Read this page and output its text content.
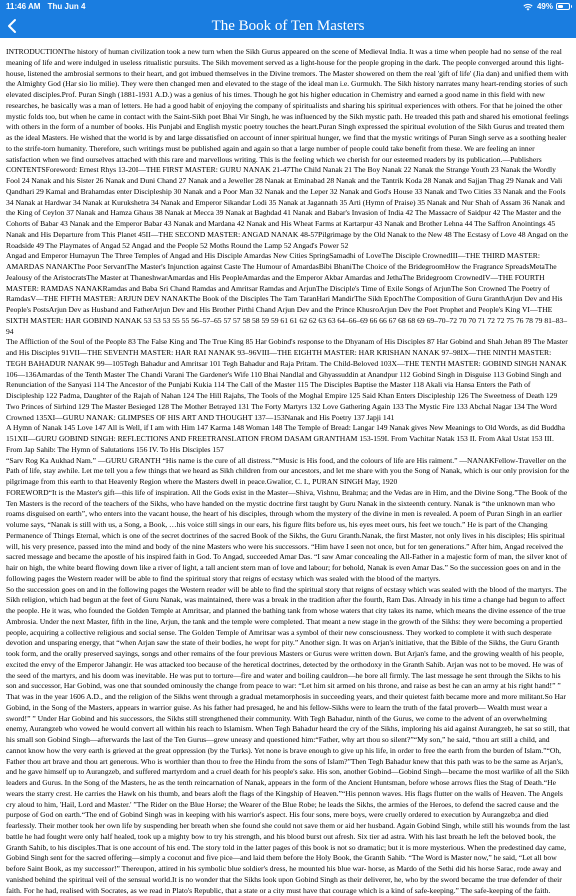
11:46 AM Thu Jun 4	49%
The Book of Ten Masters

INTRODUCTIONThe history of human civilization took a new turn when the Sikh Gurus appeared on the scene of Medieval India. It was a time when people had no sense of the real meaning of life and were indulged in useless ritualistic pursuits. The Sikh movement served as a light-house for the people groping in the dark. The people converged around this light-house, listened the ambrosial sermons to their heart, and got imbued themselves in the Divine tremors. The Master showered on them the real 'gift of life' (Jia dan) and unified them with the Almighty God (Har sio lio milie). They were then changed men and elevated to the stage of the ideal man i.e. Gurmukh. The Sikh history narrates many heart-rending stories of such elevated disciples.Prof. Puran Singh (1881-1931 A.D.) was a genius of his times. Though he got his higher education in Chemistry and earned a good name in this field with new researches, he basically was a man of letters. He had a good habit of enjoying the company of spiritualists and sharing his spiritual experiences with others. For that he joined the other mystic folds too, but when he came in contact with the Saint-Sikh poet Bhai Vir Singh, he was influenced by the Sikh mystic path. He treaded this path and shared his emotional feelings with others in the form of a number of books. His Punjabi and English mystic poetry touches the heart.Puran Singh expressed the spiritual evolution of the Sikh Gurus and treated them as the ideal Masters. He wished that the world is by and large dissatisfied on account of inner spiritual hunger, we find that the mystic writings of Puran Singh serve as a soothing healer to the strife-torn humanity. Therefore, such writings must be published again and again so that a large number of people could take benefit from these. We are feeling an inner satisfaction when we find ourselves attached with this rare and marvellous writing. This is the feeling which we cherish for our esteemed readers by its publication.—Publishers

CONTENTSForeword: Ernest Rhys 13-20I—THE FIRST MASTER: GURU NANAK 21-47The Child Nanak 21 The Boy Nanak 22 Nanak the Strange Youth 23 Nanak the Wordly Fool 24 Nanak and his Sister 26 Nanak and Duni Chand 27 Nanak and a Jeweller 28 Nanak at Eminabad 28 Nanak and the Tantrik Koda 28 Nanak and Sajjan Thag 29 Nanak and Vali Qandhari 29 Kamal and Brahamdas enter Discipleship 30 Nanak and a Poor Man 32 Nanak and the Leper 32 Nanak and God's House 33 Nanak and Two Cities 33 Nanak and the Fools 34 Nanak at Hardwar 34 Nanak at Kurukshetra 34 Nanak and Emperor Sikandar Lodi 35 Nanak at Jagannath 35 Arti (Hymn of Praise) 35 Nanak and Nur Shah of Assam 36 Nanak and the King of Ceylon 37 Nanak and Hamza Ghaus 38 Nanak at Mecca 39 Nanak at Baghdad 41 Nanak and Babar's Invasion of India 42 The Massacre of Saidpur 42 The Master and the Cohorts of Babar 43 Nanak and the Emperor Babar 43 Nanak and Mardana 42 Nanak and His Wheat Farms at Kartarpur 43 Nanak and Brother Lehna 44 The Saffron Anointings 45 Nanak and His Departure from This Planet 45II—THE SECOND MASTER: ANGAD NANAK 48-57Pilgrimage by the Old Nanak to the New 48 The Ecstasy of Love 48 Angad on the Roadside 49 The Playmates of Angad 52 Angad and the People 52 Moths Round the Lamp 52 Angad's Power 52

Angad and Emperor Humayun The Three Temples of Angad and His Disciple Amardas New Cities SpringSamadhi of LoveThe Disciple CrownedIII—THE THIRD MASTER: AMARDAS NANAKThe Poor ServantThe Master's Injunction against Caste The Humour of AmardasBibi BhaniThe Choice of the BridegroomHow the Fragrance SpreadsMetaThe Jealousy of the AristocratsThe Master at ThaneshwarAmardas and His PeopleAmardas and the Emperor Akbar Amardas and JethaThe Bridegroom CrownedIV—THE FOURTH MASTER: RAMDAS NANAKRamdas and Baba Sri Chand Ramdas and Amritsar Ramdas and ArjunThe Disciple's Time of Exile Songs of ArjunThe Son Crowned The Poetry of RamdasV—THE FIFTH MASTER: ARJUN DEV NANAKThe Book of the Disciples The Tarn TaranHari MandirThe Sikh EpochThe Composition of Guru GranthArjun Dev and His People's PostsArjun Dev as Husband and FatherArjun Dev and His Brother Pirthi Chand Arjun Dev and the Prince KhusroArjun Dev the Poet Prophet and People's King VI—THE SIXTH MASTER: HAR GOBIND NANAK 53 53 53 55 55 56–57–65 57 57 58 58 59 59 61 61 62 62 63 63 64–66–69 66 66 67 68 68 69 69–70–72 70 70 71 72 72 75 76 78 79 81–83–94

The Affliction of the Soul of the People 83 The False King and The True King 85 Har Gobind's response to the Dhyanam of His Disciples 87 Har Gobind and Shah Jehan 89 The Master and His Disciples 91VII—THE SEVENTH MASTER: HAR RAI NANAK 93–96VIII—THE EIGHTH MASTER: HAR KRISHAN NANAK 97–98IX—THE NINTH MASTER: TEGH BAHADUR NANAK 99—105Tegh Bahadur and Amritsar 101 Tegh Bahadur and Raja Pritam. The Child-Beloved 103X—THE TENTH MASTER: GOBIND SINGH NANAK 106—136Amardas of the Tenth Master The Chandi Varani The Gardener's Wife 110 Bhai Nandlal and Ghyassuddin at Anandpur 112 Gobind Singh in Disguise 113 Gobind Singh and Renunciation of the Sanyasi 114 The Ancestor of the Punjabi Kukia 114 The Call of the Master 115 The Disciples Baptise the Master 118 Akali via Hansa Enters the Path of Discipleship 122 Padma, Daughter of the Rajah of Nahan 124 The Hill Rajahs, The Tools of the Moghal Empire 125 Said Khan Enters Discipleship 126 The Sweetness of Death 129 Two Princes of Sirhind 129 The Master Besieged 128 The Mother Betrayed 131 The Forty Martyrs 132 Love Gathering Again 133 The Mystic Fire 133 Abchal Nagar 134 The Word Crowned 135XI—GURU NANAK: GLIMPSES OF HIS ART AND THOUGHT 137—153Nanak and His Poetry 137 Japji 141

A Hymn of Nanak 145 Love 147 All is Well, if I am with Him 147 Karma 148 Woman 148 The Temple of Bread: Langar 149 Nanak gives New Meanings to Old Words, as did Buddha 151XII—GURU GOBIND SINGH: REFLECTIONS AND FREETRANSLATION FROM DASAM GRANTHAM 153-159I. From Vachitar Natak 153 II. From Akal Ustat 153 III. From Jap Sahib: The Hymn of Salutations 156 IV. To His Disciples 157

“Sarv Rog Ka Aukhad Nam.” —GURU GRANTH “His name is the cure of all distress.”“Music is His food, and the colours of life are His raiment.” —NANAKFellow-Traveller on the Path of life, stay awhile. Let me tell you a few things that we heard as Sikh children from our ancestors, and let me share with you the Song of Nanak, which is our only provision for the pilgrimage from this earth to that Heavenly Region where the Masters dwell in peace.Gwalior, C. I., PURAN SINGH May, 1920

FOREWORD“It is the Master's gift—this life of inspiration. All the Gods exist in the Master—Shiva, Vishnu, Brahma; and the Vedas are in Him, and the Divine Song.”The Book of the Ten Masters is the record of the teachers of the Sikhs, who have handed on the mystic doctrine first taught by Guru Nanak in the sixteenth century. Nanak is “the unknown man who roams disguised on earth”, who enters into the vacant house, the heart of his disciples, through whom the mystery of the divine in men is revealed. A poem of Puran Singh in an earlier volume says, “Nanak is still with us, a Song, a Book, …his voice still sings in our ears, his figure flits before us, his eyes meet ours, his feet we touch.” He is part of the Changing Permanence of Things Eternal, which is one of the secret doctrines of the sacred Book of the Sikhs, the Guru Granth.Nanak, the first Master, not only lives in his disciples; His spiritual will, his very presence, passed into the mind and body of the nine Masters who were his successors. “Him have I seen not once, but for ten generations.” After him, Angad received the sacred message and became the apostle of his inspired faith in God. To Angad, succeeded Amar Das. “I saw Amar concealing the All-Father in a majestic form of man, the silver knot of hair on high, the white beard flowing down like a river of light, a tall ancient stern man of love and labour; for behold, Nanak is even Amar Das.” So the succession goes on and in the following pages the Western reader will be able to find the spiritual story that reigns of ecstasy which was sealed with the blood of the martyrs.

So the succession goes on and in the following pages the Western reader will be able to find the spiritual story that reigns of ecstasy which was sealed with the blood of the martyrs. The Sikh religion, which had begun at the feet of Guru Nanak, was maintained, there was a break in the tradition after the fourth, Ram Das. Already in his time a change had begun to affect the people. He it was, who founded the Golden Temple at Amritsar, and planned the bathing tank from whose waters that city takes its name, which means the divine essence of the true Ambrosia. Under the next Master, fifth in the line, Arjun, the tank and the temple were completed. That meant a new stage in the growth of the Sikhs: they were becoming a propertied people, acquiring a collective religious and social sense. The Golden Temple of Amritsar was a symbol of their new consciousness. They worked to complete it with such desperate devotion and unsparing energy, that “when Arjan saw the state of their bodies, he wept for pity.” Another sign. It was on Arjan's initiative, that the Bible of the Sikhs, the Guru Granth took form, and the orally preserved sayings, songs and other remains of the four previous Masters or Gurus were written down. But Arjan's fame, and the growing wealth of his people, excited the envy of the Emperor Jahangir. He was attacked too because of the heretical doctrines, detected by the orthodoxy in the Granth Sahib. Arjan was not to be moved. He was of the seed of the martyrs, and his doom was inevitable. He was put to torture—fire and water and boiling cauldron—he bore all firmly. The last message he sent through the Sikhs to his son and successor, Har Gobind, was one that sounded ominously the change from peace to war: “Let him sit armed on his throne, and raise as best he can an army at his right hand!” ” That was in the year 1606 A.D., and the religion of the Sikhs went through a gradual metamorphosis in succeeding years, and their quietest faith became more and more militant.So Har Gobind, in the Song of the Masters, appears in warrior guise. As his father had presaged, he and his fellow-Sikhs were to learn the truth of the fatal proverb— Wealth must wear a sword!” ” Under Har Gobind and his successors, the Sikhs still strengthened their community. With Tegh Bahadur, ninth of the Gurus, we come to the advent of an overwhelming enemy, Aurangzeb who vowed he would convert all within his reach to Islamism. When Tegh Bahadur heard the cry of the Sikhs, imploring his aid against Aurangzeb, he sat so still, that his small son Gobind Singh—afterwards the last of the Ten Gurus—grew uneasy and questioned him:“Father, why art thou so silent?”“My son,” he said, “thou art still a child, and cannot know how the very earth is grieved at the great oppression (by the Turks). Yet none is brave enough to give up his life, in order to free the earth from the burden of Islam.”“Oh, Father thou art brave and thou art generous. Who is worthier than thou to free the Hindu from the sons of Islam?”Then Tegh Bahadur knew that this path was to be the same as Arjan's, and he gave himself up to Aurangzeb, and suffered martyrdom and a cruel death for his people's sake. His son, another Gobind—Gobind Singh—became the most warlike of all the Sikh leaders and Gurus. In the Song of the Masters, he as the tenth reincarnation of Nanak, appears in the form of the Ancient Huntsman, before whose arrows flies the Stag of Death.“He wears the starry crest. He carries the Hawk on his thumb, and bears aloft the flags of the Kingship of Heaven.”“His pennon waves. His flags flutter on the walls of Heaven. The Angels cry aloud to him, 'Hail, Lord and Master.' ”The Rider on the Blue Horse; the Wearer of the Blue Robe; he leads the Sikhs, the armies of the Heroes, to defend the sacred cause and the purpose of God on earth.“The end of Gobind Singh was in keeping with his warrior's aspect. His four sons, mere boys, were cruelly ordered to execution by Aurangzeb;a and died fearlessly. Their mother took her own life by suspending her breath when she found she could not save them or aid her husband. Again Gobind Singh, while still his wounds from the last battle he had fought were only half healed, took up a mighty bow to try his strength, and his blood burst out afresh. Six tier ad astra. With his last breath he left the beloved book, the Granth Sahib, to his disciples.That is one account of his end. The story told in the latter pages of this book is not so dramatic; but it is more mysterious. When the predestined day came, Gobind Singh sent for the sacred offering—simply a coconut and five pice—and laid them before the Holy Book, the Granth Sahib. “The Word is Master now,” he said, “Let all bow before Saint Book, as my successor!” Thereupon, attired in his symbolic blue soldier's dress, he mounted his blue war- horse, as Mardo of the Sethi did his horse Sarac, rode away and vanished behind the spiritual veil of the sensual world.It is no wonder that the Sikhs look upon Gobind Singh as their deliverer, he, who by the sword became the true defender of their faith. For he had, realised with Socrates, as we read in Plato's Republic, that a state or a city must have that courage which is a kind of safe-keeping.” The safe-keeping of the faith.
